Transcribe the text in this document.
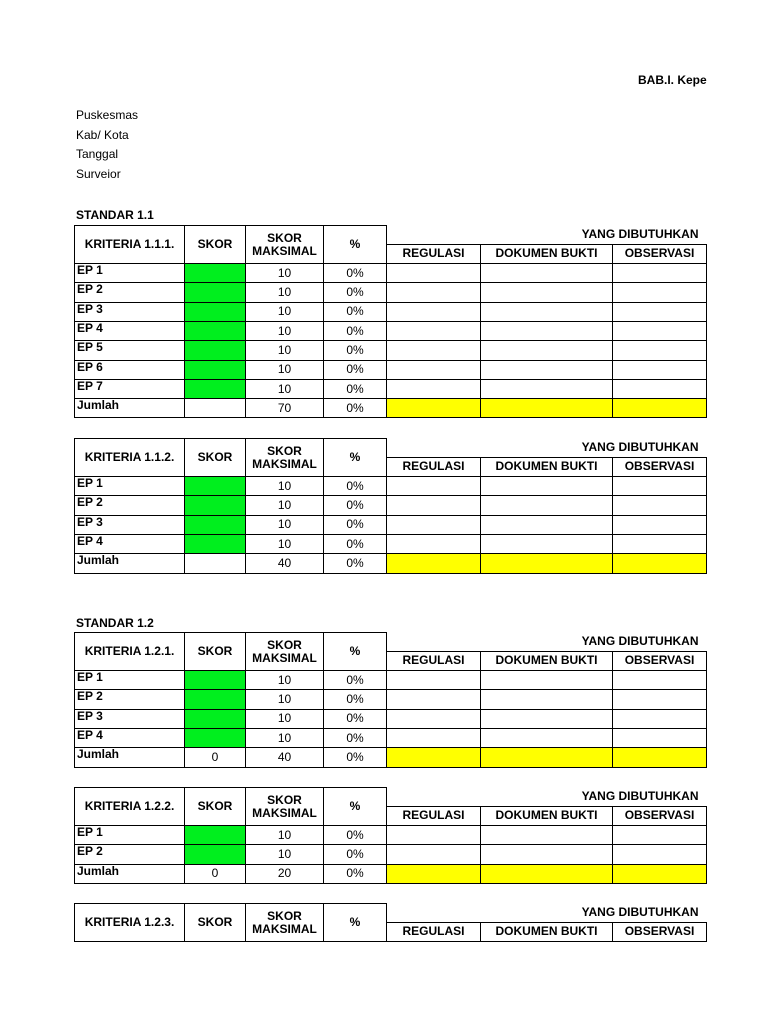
BAB.I. Kepe
Puskesmas
Kab/ Kota
Tanggal
Surveior
STANDAR 1.1
KRITERIA 1.1.1.	SKOR	SKOR
MAKSIMAL	%	YANG DIBUTUHKAN		
				REGULASI	DOKUMEN BUKTI	OBSERVASI
EP 1		10	0%			
EP 2		10	0%			
EP 3		10	0%			
EP 4		10	0%			
EP 5		10	0%			
EP 6		10	0%			
EP 7		10	0%			
Jumlah		70	0%			
KRITERIA 1.1.2.	SKOR	SKOR
MAKSIMAL	%	YANG DIBUTUHKAN		
				REGULASI	DOKUMEN BUKTI	OBSERVASI
EP 1		10	0%			
EP 2		10	0%			
EP 3		10	0%			
EP 4		10	0%			
Jumlah		40	0%			
STANDAR 1.2
KRITERIA 1.2.1.	SKOR	SKOR
MAKSIMAL	%	YANG DIBUTUHKAN		
				REGULASI	DOKUMEN BUKTI	OBSERVASI
EP 1		10	0%			
EP 2		10	0%			
EP 3		10	0%			
EP 4		10	0%			
Jumlah	0	40	0%			
KRITERIA 1.2.2.	SKOR	SKOR
MAKSIMAL	%	YANG DIBUTUHKAN		
				REGULASI	DOKUMEN BUKTI	OBSERVASI
EP 1		10	0%			
EP 2		10	0%			
Jumlah	0	20	0%			
KRITERIA 1.2.3.	SKOR	SKOR
MAKSIMAL	%	YANG DIBUTUHKAN		
				REGULASI	DOKUMEN BUKTI	OBSERVASI
